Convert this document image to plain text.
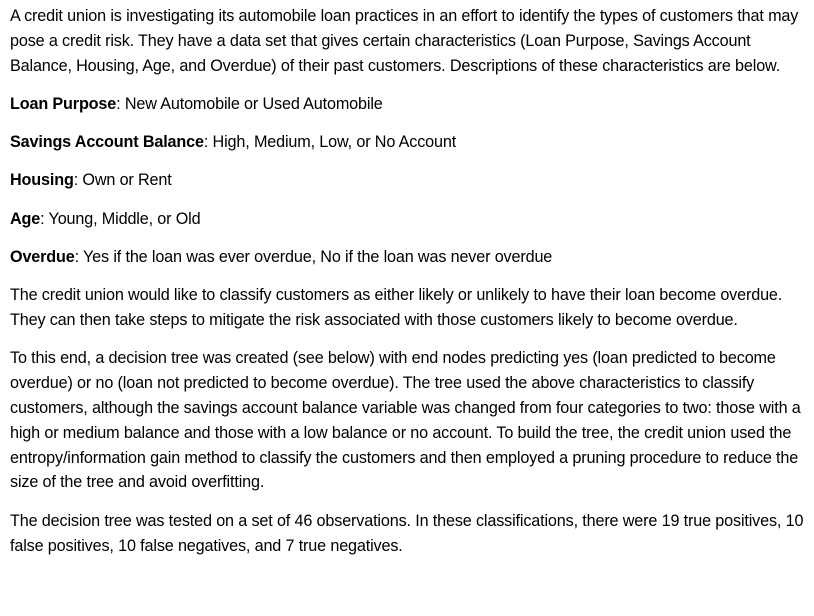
A credit union is investigating its automobile loan practices in an effort to identify the types of customers that may pose a credit risk. They have a data set that gives certain characteristics (Loan Purpose, Savings Account Balance, Housing, Age, and Overdue) of their past customers. Descriptions of these characteristics are below.

Loan Purpose: New Automobile or Used Automobile

Savings Account Balance: High, Medium, Low, or No Account

Housing: Own or Rent

Age: Young, Middle, or Old

Overdue: Yes if the loan was ever overdue, No if the loan was never overdue

The credit union would like to classify customers as either likely or unlikely to have their loan become overdue. They can then take steps to mitigate the risk associated with those customers likely to become overdue.

To this end, a decision tree was created (see below) with end nodes predicting yes (loan predicted to become overdue) or no (loan not predicted to become overdue). The tree used the above characteristics to classify customers, although the savings account balance variable was changed from four categories to two: those with a high or medium balance and those with a low balance or no account. To build the tree, the credit union used the entropy/information gain method to classify the customers and then employed a pruning procedure to reduce the size of the tree and avoid overfitting.

The decision tree was tested on a set of 46 observations. In these classifications, there were 19 true positives, 10 false positives, 10 false negatives, and 7 true negatives.
